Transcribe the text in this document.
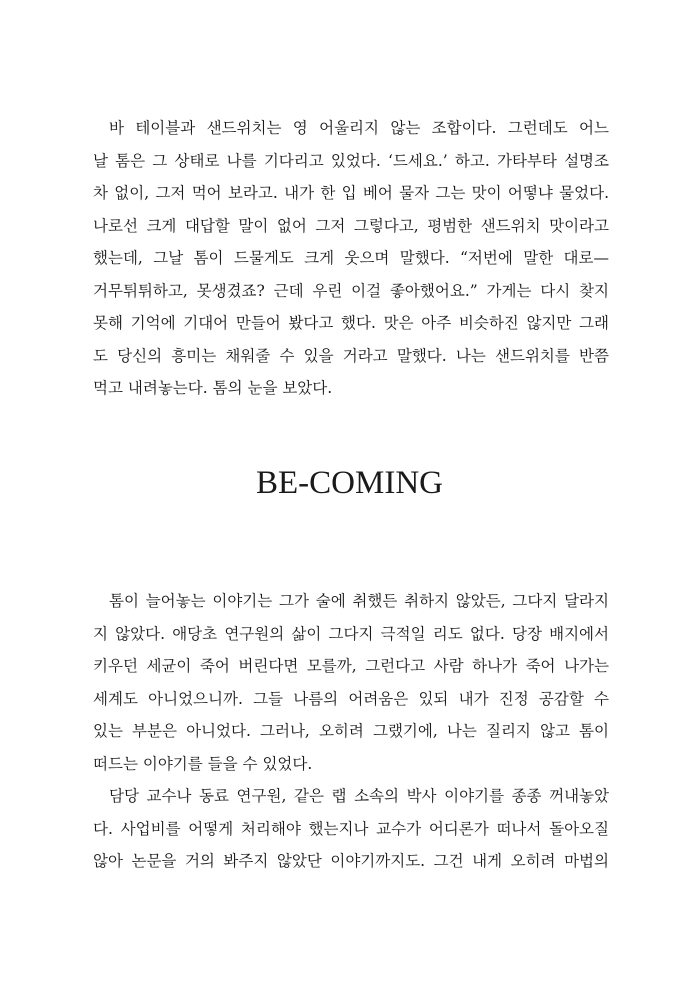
바 테이블과 샌드위치는 영 어울리지 않는 조합이다. 그런데도 어느
날 톰은 그 상태로 나를 기다리고 있었다. ‘드세요.’ 하고. 가타부타 설명조
차 없이, 그저 먹어 보라고. 내가 한 입 베어 물자 그는 맛이 어떻냐 물었다.
나로선 크게 대답할 말이 없어 그저 그렇다고, 평범한 샌드위치 맛이라고
했는데, 그날 톰이 드물게도 크게 웃으며 말했다. “저번에 말한 대로—
거무튀튀하고, 못생겼죠? 근데 우린 이걸 좋아했어요.” 가게는 다시 찾지
못해 기억에 기대어 만들어 봤다고 했다. 맛은 아주 비슷하진 않지만 그래
도 당신의 흥미는 채워줄 수 있을 거라고 말했다. 나는 샌드위치를 반쯤
먹고 내려놓는다. 톰의 눈을 보았다.
BE-COMING
톰이 늘어놓는 이야기는 그가 술에 취했든 취하지 않았든, 그다지 달라지
지 않았다. 애당초 연구원의 삶이 그다지 극적일 리도 없다. 당장 배지에서
키우던 세균이 죽어 버린다면 모를까, 그런다고 사람 하나가 죽어 나가는
세계도 아니었으니까. 그들 나름의 어려움은 있되 내가 진정 공감할 수
있는 부분은 아니었다. 그러나, 오히려 그랬기에, 나는 질리지 않고 톰이
떠드는 이야기를 들을 수 있었다.
담당 교수나 동료 연구원, 같은 랩 소속의 박사 이야기를 종종 꺼내놓았
다. 사업비를 어떻게 처리해야 했는지나 교수가 어디론가 떠나서 돌아오질
않아 논문을 거의 봐주지 않았단 이야기까지도. 그건 내게 오히려 마법의
